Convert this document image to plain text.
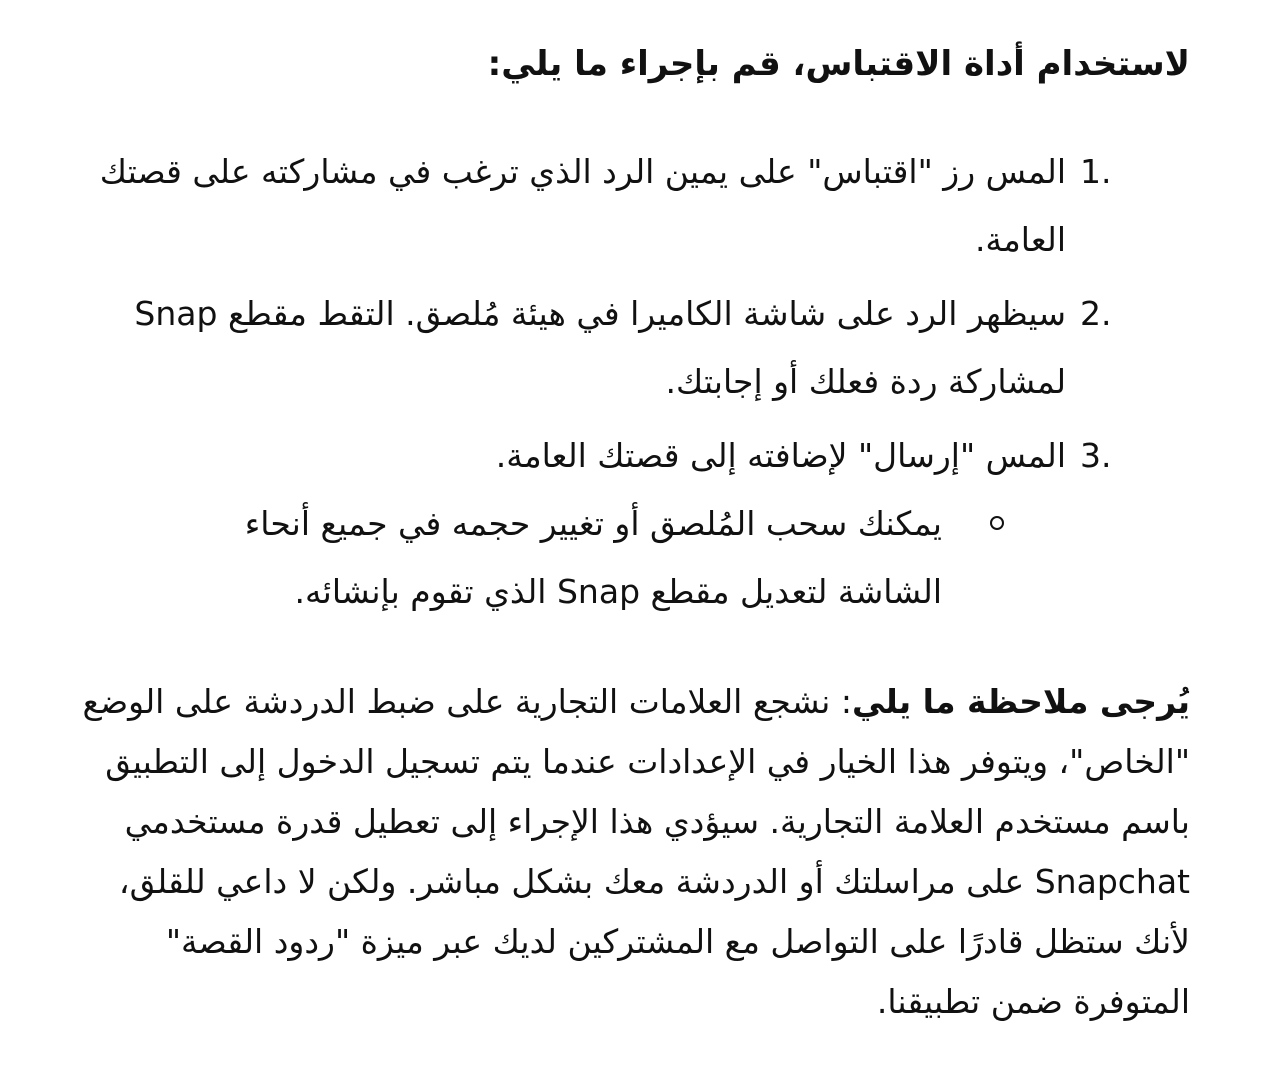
لاستخدام أداة الاقتباس، قم بإجراء ما يلي:
1.
المس رز "اقتباس" على يمين الرد الذي ترغب في مشاركته على قصتك العامة.
2.
سيظهر الرد على شاشة الكاميرا في هيئة مُلصق. التقط مقطع Snap لمشاركة ردة فعلك أو إجابتك.
3.
المس "إرسال" لإضافته إلى قصتك العامة.
يمكنك سحب المُلصق أو تغيير حجمه في جميع أنحاء الشاشة لتعديل مقطع Snap الذي تقوم بإنشائه.

يُرجى ملاحظة ما يلي: نشجع العلامات التجارية على ضبط الدردشة على الوضع "الخاص"، ويتوفر هذا الخيار في الإعدادات عندما يتم تسجيل الدخول إلى التطبيق باسم مستخدم العلامة التجارية. سيؤدي هذا الإجراء إلى تعطيل قدرة مستخدمي Snapchat على مراسلتك أو الدردشة معك بشكل مباشر. ولكن لا داعي للقلق، لأنك ستظل قادرًا على التواصل مع المشتركين لديك عبر ميزة "ردود القصة" المتوفرة ضمن تطبيقنا.
